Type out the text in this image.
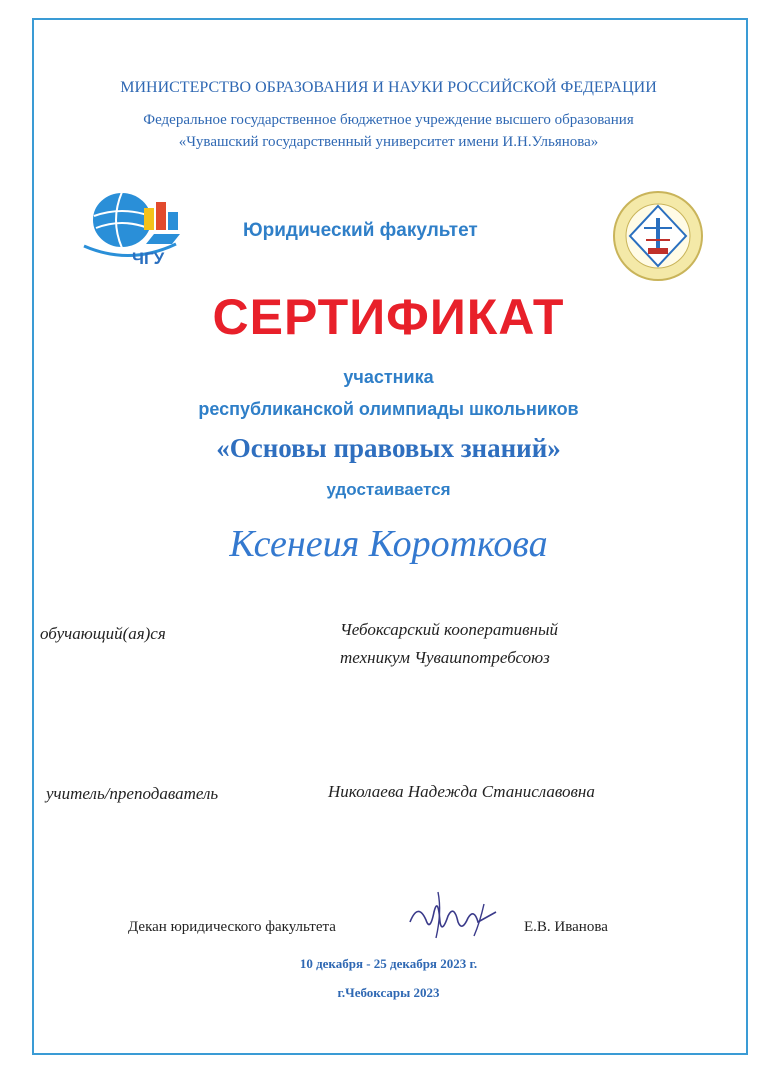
МИНИСТЕРСТВО ОБРАЗОВАНИЯ И НАУКИ РОССИЙСКОЙ ФЕДЕРАЦИИ
Федеральное государственное бюджетное учреждение высшего образования
«Чувашский государственный университет имени И.Н.Ульянова»
ЧГУ
Юридический факультет
СЕРТИФИКАТ
участника
республиканской олимпиады школьников
«Основы правовых знаний»
удостаивается
Ксенеия Короткова
обучающий(ая)ся	Чебоксарский кооперативный
техникум Чувашпотребсоюз
учитель/преподаватель	Николаева Надежда Станиславовна
Декан юридического факультета	Е.В. Иванова
10 декабря - 25 декабря 2023 г.
г.Чебоксары 2023
